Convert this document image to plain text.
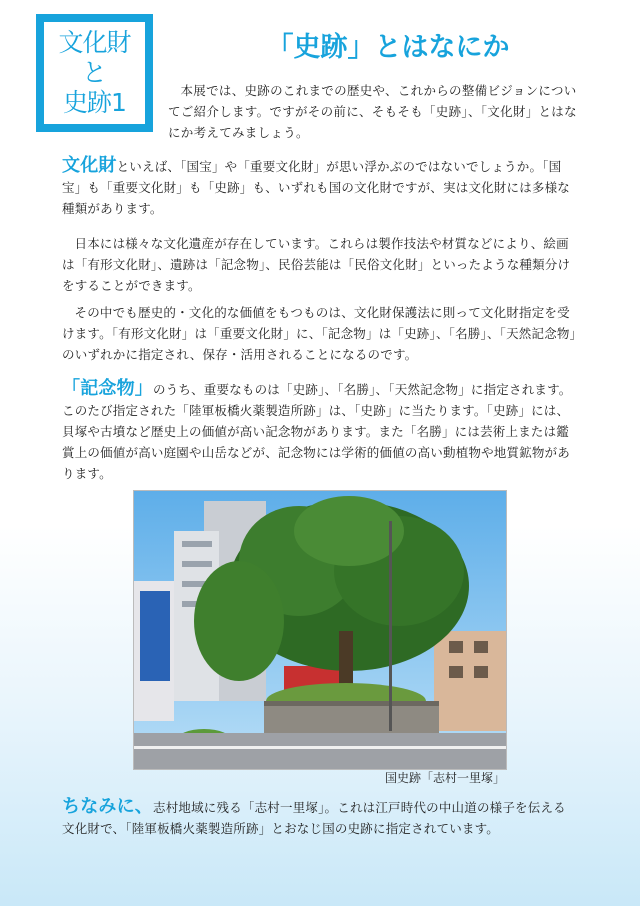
文化財
と
史跡1
「史跡」とはなにか

本展では、史跡のこれまでの歴史や、これからの整備ビジョンについてご紹介します。ですがその前に、そもそも「史跡」、「文化財」とはなにか考えてみましょう。

文化財といえば、「国宝」や「重要文化財」が思い浮かぶのではないでしょうか。「国宝」も「重要文化財」も「史跡」も、いずれも国の文化財ですが、実は文化財には多様な種類があります。

日本には様々な文化遺産が存在しています。これらは製作技法や材質などにより、絵画は「有形文化財」、遺跡は「記念物」、民俗芸能は「民俗文化財」といったような種類分けをすることができます。

その中でも歴史的・文化的な価値をもつものは、文化財保護法に則って文化財指定を受けます。「有形文化財」は「重要文化財」に、「記念物」は「史跡」、「名勝」、「天然記念物」のいずれかに指定され、保存・活用されることになるのです。

「記念物」のうち、重要なものは「史跡」、「名勝」、「天然記念物」に指定されます。このたび指定された「陸軍板橋火薬製造所跡」は、「史跡」に当たります。「史跡」には、貝塚や古墳など歴史上の価値が高い記念物があります。また「名勝」には芸術上または鑑賞上の価値が高い庭園や山岳などが、記念物には学術的価値の高い動植物や地質鉱物があります。

国史跡「志村一里塚」

ちなみに、志村地域に残る「志村一里塚」。これは江戸時代の中山道の様子を伝える文化財で、「陸軍板橋火薬製造所跡」とおなじ国の史跡に指定されています。
